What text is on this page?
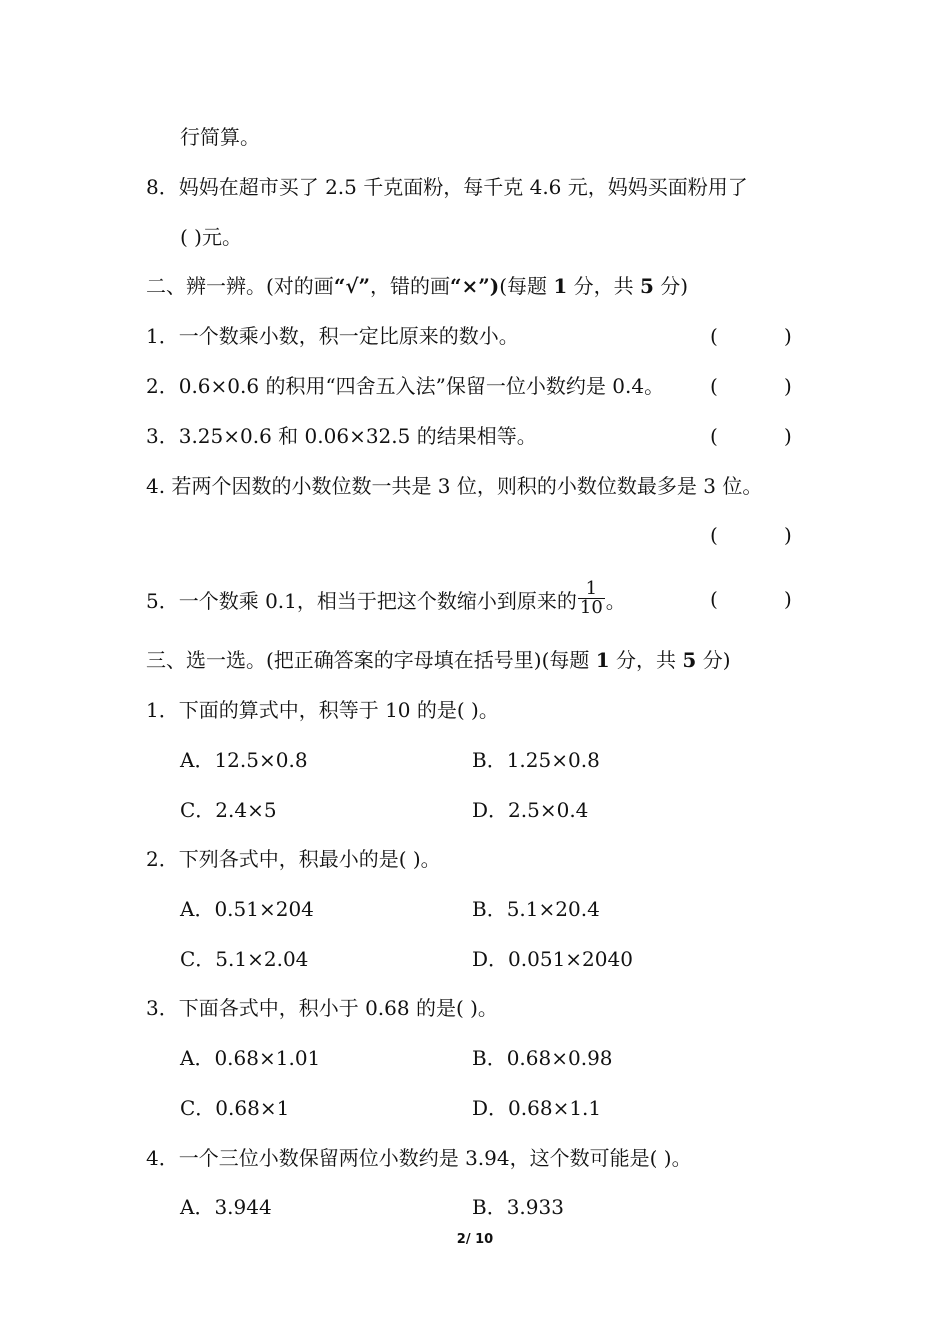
行简算。
8．妈妈在超市买了 2.5 千克面粉，每千克 4.6 元，妈妈买面粉用了
( )元。
二、辨一辨。(对的画“√”，错的画“×”)(每题 1 分，共 5 分)
1．一个数乘小数，积一定比原来的数小。	(	)
2．0.6×0.6 的积用“四舍五入法”保留一位小数约是 0.4。 (	)
3．3.25×0.6 和 0.06×32.5 的结果相等。	(	)
4. 若两个因数的小数位数一共是 3 位，则积的小数位数最多是 3 位。
(	)
5．一个数乘 0.1，相当于把这个数缩小到原来的 $\frac{1}{10}$ 。	(	)
三、选一选。(把正确答案的字母填在括号里)(每题 1 分，共 5 分)
1．下面的算式中，积等于 10 的是( )。
A．12.5×0.8	B．1.25×0.8
C．2.4×5	D．2.5×0.4
2．下列各式中，积最小的是( )。
A．0.51×204	B．5.1×20.4
C．5.1×2.04	D．0.051×2040
3．下面各式中，积小于 0.68 的是( )。
A．0.68×1.01	B．0.68×0.98
C．0.68×1	D．0.68×1.1
4．一个三位小数保留两位小数约是 3.94，这个数可能是( )。
A．3.944	B．3.933
2/ 10
